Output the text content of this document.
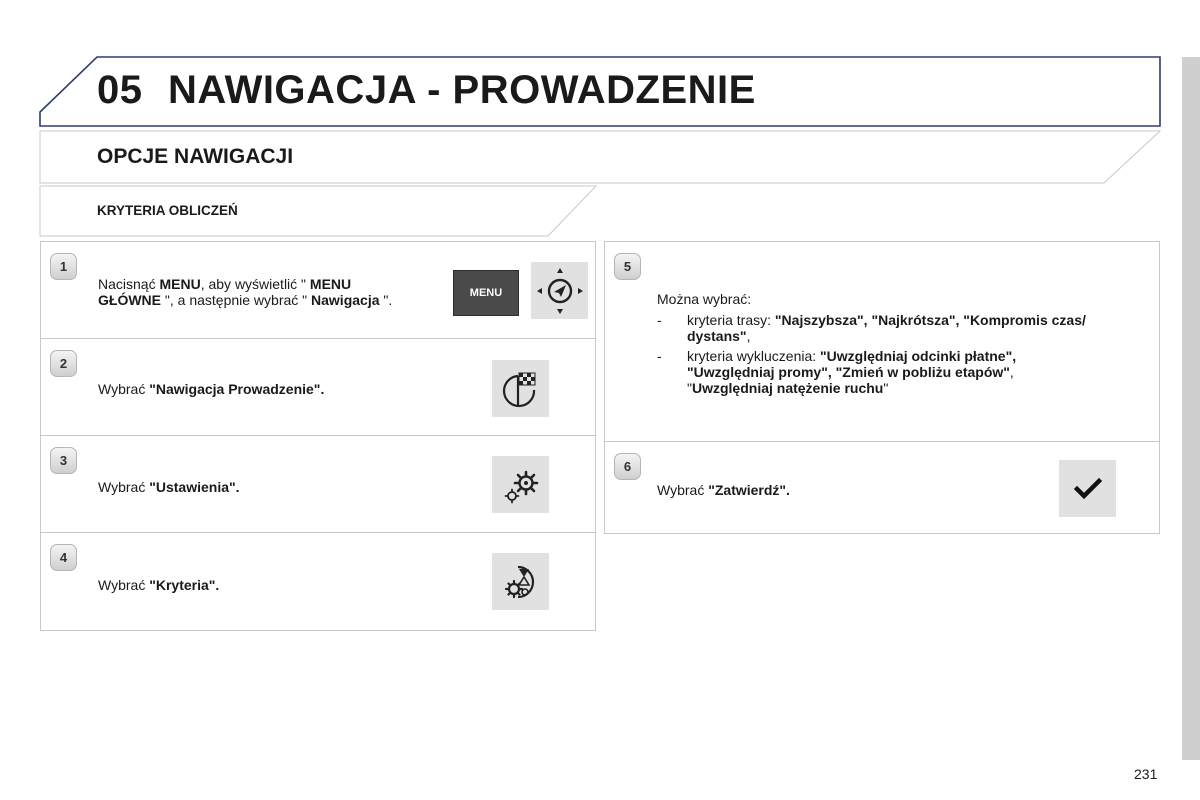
05 NAWIGACJA - PROWADZENIE
OPCJE NAWIGACJI
KRYTERIA OBLICZEŃ
1
Nacisnąć MENU, aby wyświetlić " MENU
GŁÓWNE ", a następnie wybrać " Nawigacja ".	MENU
2
Wybrać "Nawigacja Prowadzenie".
3
Wybrać "Ustawienia".
4
Wybrać "Kryteria".
5
Można wybrać:
- kryteria trasy: "Najszybsza", "Najkrótsza", "Kompromis czas/
dystans",
- kryteria wykluczenia: "Uwzględniaj odcinki płatne",
"Uwzględniaj promy", "Zmień w pobliżu etapów",
"Uwzględniaj natężenie ruchu"
6
Wybrać "Zatwierdź".
231
